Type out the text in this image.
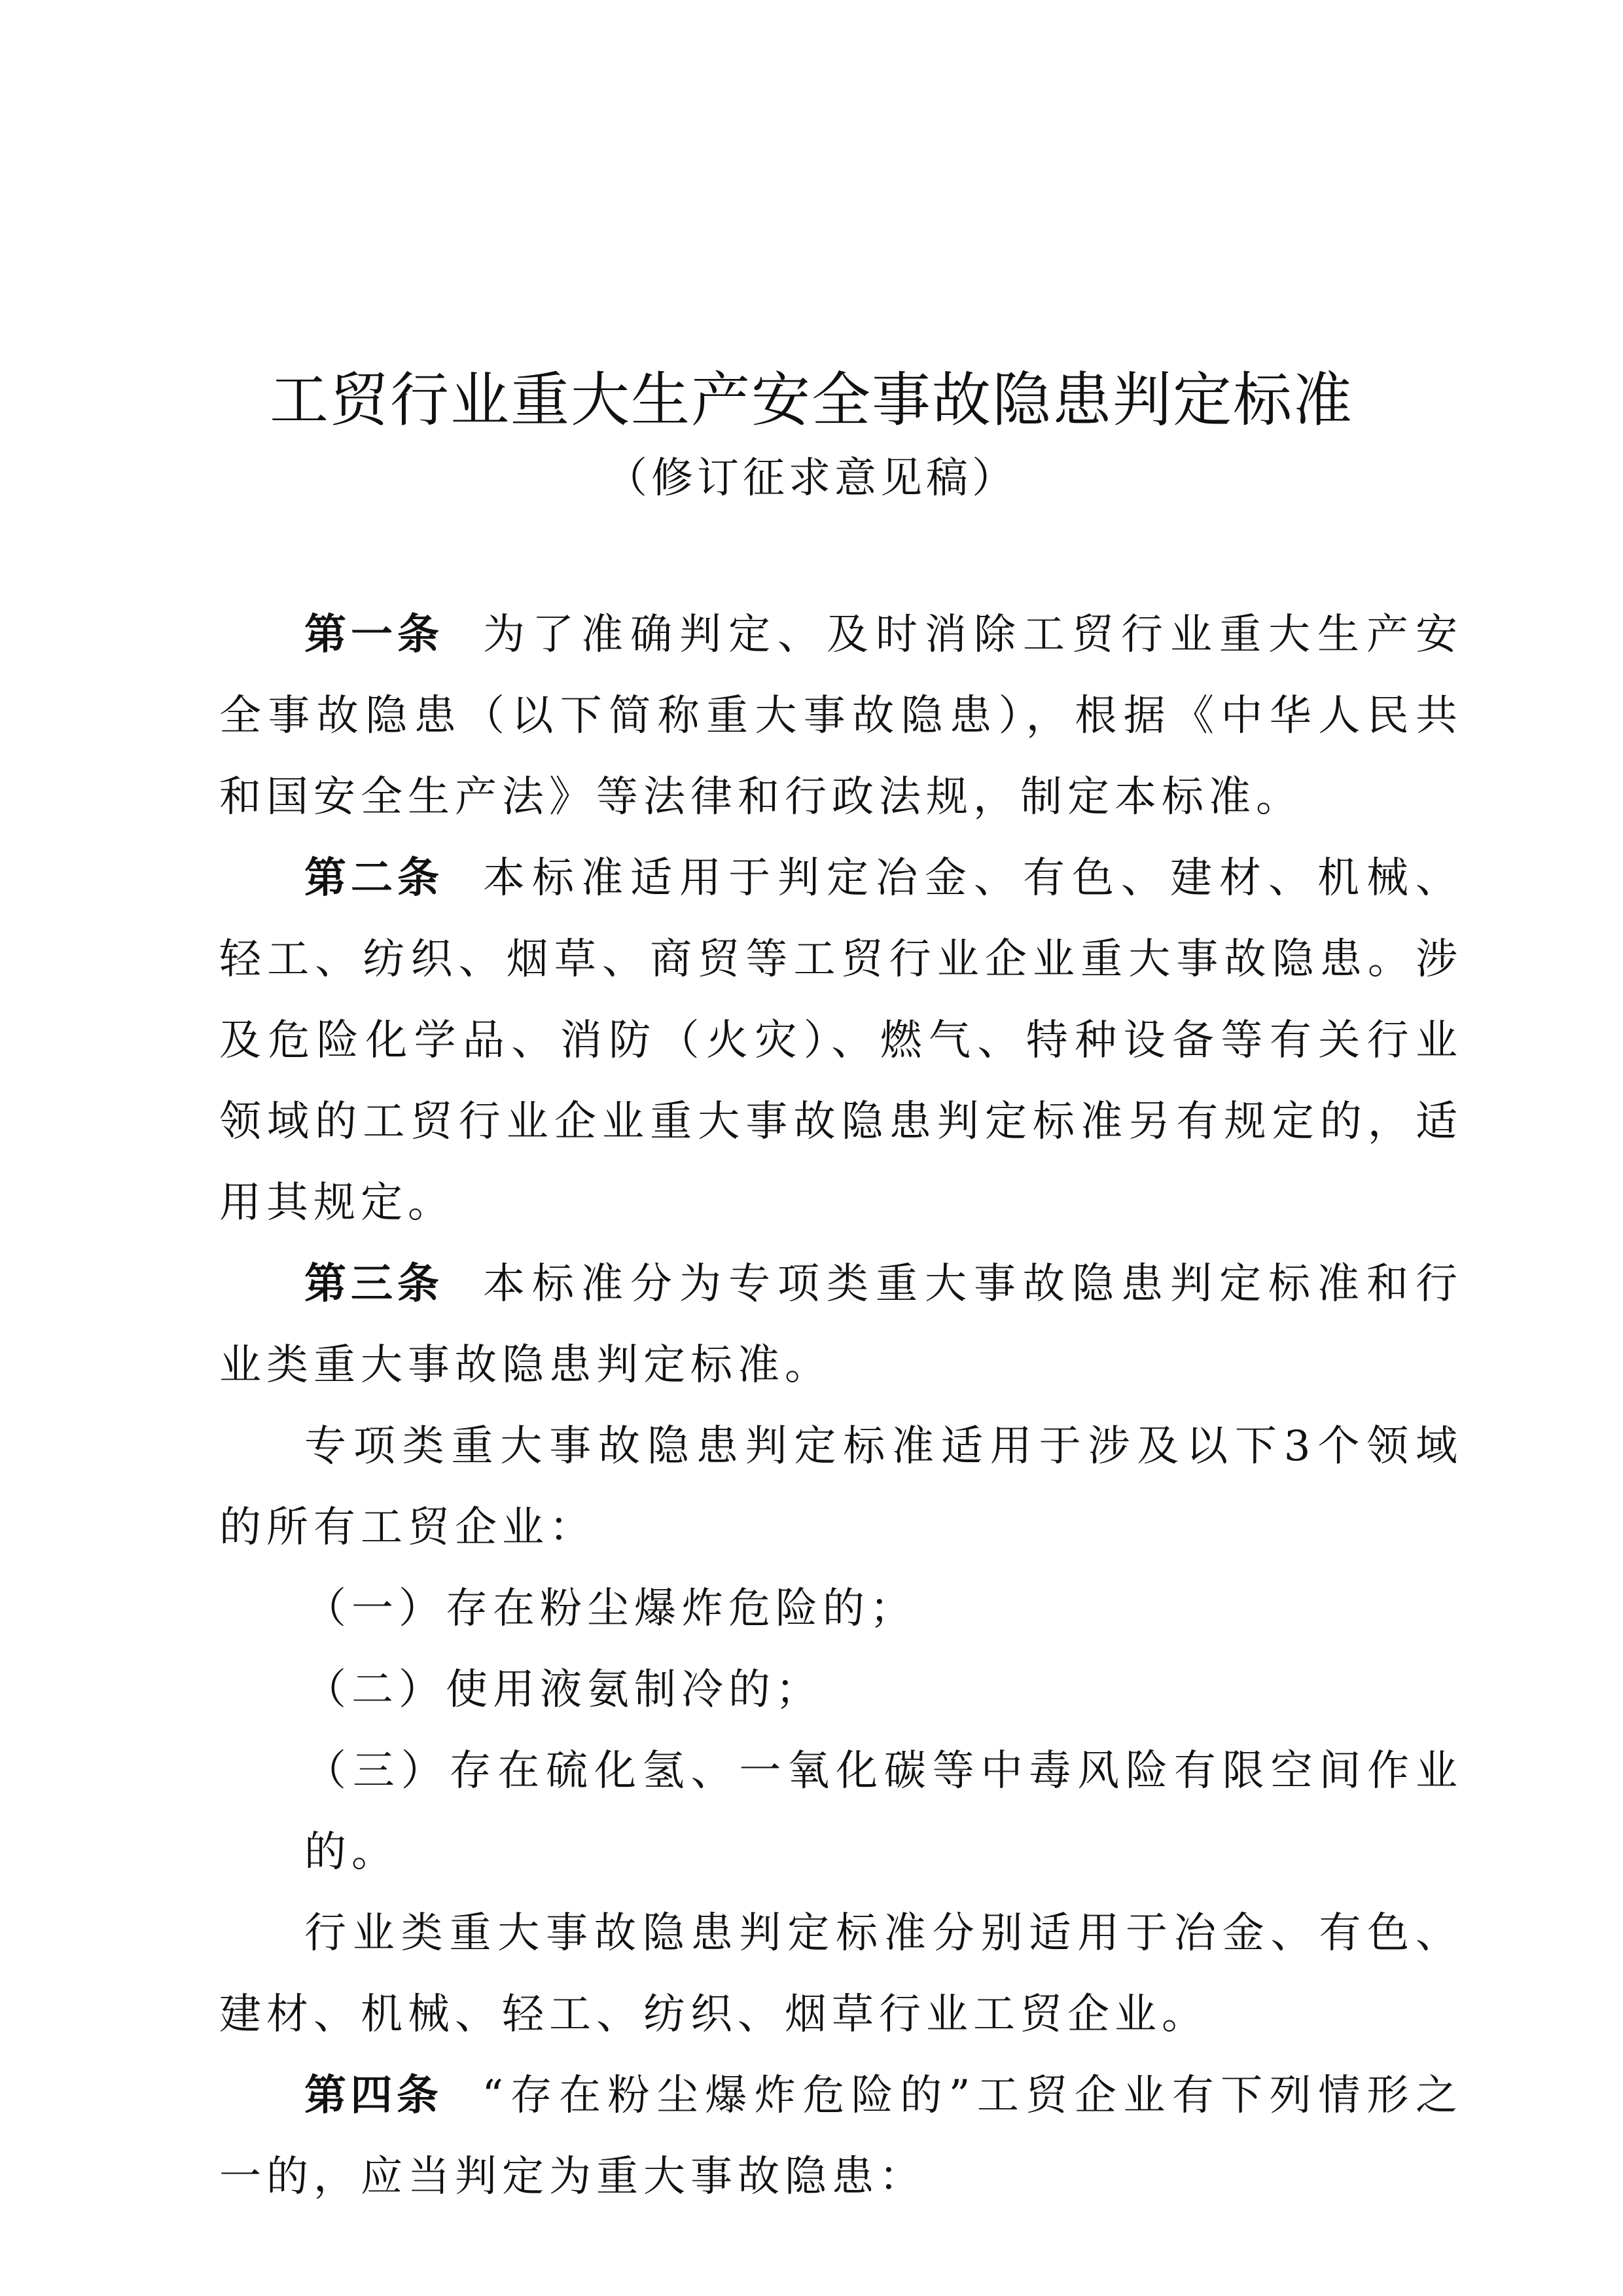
工贸行业重大生产安全事故隐患判定标准

（修订征求意见稿）

第一条 为了准确判定、及时消除工贸行业重大生产安全事故隐患（以下简称重大事故隐患），根据《中华人民共和国安全生产法》等法律和行政法规，制定本标准。

第二条 本标准适用于判定冶金、有色、建材、机械、轻工、纺织、烟草、商贸等工贸行业企业重大事故隐患。涉及危险化学品、消防（火灾）、燃气、特种设备等有关行业领域的工贸行业企业重大事故隐患判定标准另有规定的，适用其规定。

第三条 本标准分为专项类重大事故隐患判定标准和行业类重大事故隐患判定标准。

专项类重大事故隐患判定标准适用于涉及以下3个领域的所有工贸企业：

（一）存在粉尘爆炸危险的；

（二）使用液氨制冷的；

（三）存在硫化氢、一氧化碳等中毒风险有限空间作业的。

行业类重大事故隐患判定标准分别适用于冶金、有色、建材、机械、轻工、纺织、烟草行业工贸企业。

第四条 “存在粉尘爆炸危险的”工贸企业有下列情形之一的，应当判定为重大事故隐患：
